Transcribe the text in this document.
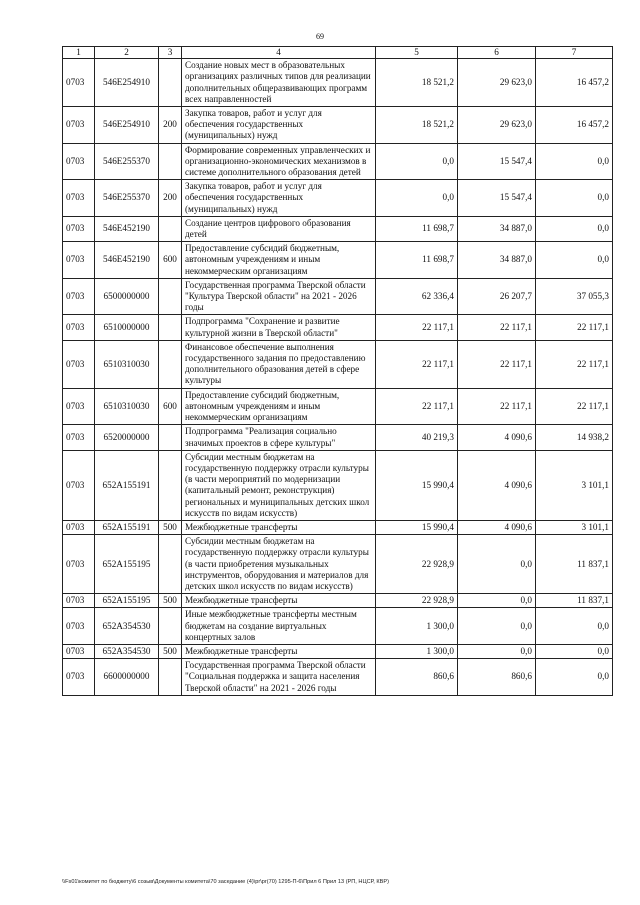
69
1	2	3	4	5	6	7
0703	546E254910		Создание новых мест в образовательных организациях различных типов для реализации дополнительных общеразвивающих программ всех направленностей	18 521,2	29 623,0	16 457,2
0703	546E254910	200	Закупка товаров, работ и услуг для обеспечения государственных (муниципальных) нужд	18 521,2	29 623,0	16 457,2
0703	546E255370		Формирование современных управленческих и организационно-экономических механизмов в системе дополнительного образования детей	0,0	15 547,4	0,0
0703	546E255370	200	Закупка товаров, работ и услуг для обеспечения государственных (муниципальных) нужд	0,0	15 547,4	0,0
0703	546E452190		Создание центров цифрового образования детей	11 698,7	34 887,0	0,0
0703	546E452190	600	Предоставление субсидий бюджетным, автономным учреждениям и иным некоммерческим организациям	11 698,7	34 887,0	0,0
0703	6500000000		Государственная программа Тверской области "Культура Тверской области" на 2021 - 2026 годы	62 336,4	26 207,7	37 055,3
0703	6510000000		Подпрограмма "Сохранение и развитие культурной жизни в Тверской области"	22 117,1	22 117,1	22 117,1
0703	6510310030		Финансовое обеспечение выполнения государственного задания по предоставлению дополнительного образования детей в сфере культуры	22 117,1	22 117,1	22 117,1
0703	6510310030	600	Предоставление субсидий бюджетным, автономным учреждениям и иным некоммерческим организациям	22 117,1	22 117,1	22 117,1
0703	6520000000		Подпрограмма "Реализация социально значимых проектов в сфере культуры"	40 219,3	4 090,6	14 938,2
0703	652A155191		Субсидии местным бюджетам на государственную поддержку отрасли культуры (в части мероприятий по модернизации (капитальный ремонт, реконструкция) региональных и муниципальных детских школ искусств по видам искусств)	15 990,4	4 090,6	3 101,1
0703	652A155191	500	Межбюджетные трансферты	15 990,4	4 090,6	3 101,1
0703	652A155195		Субсидии местным бюджетам на государственную поддержку отрасли культуры (в части приобретения музыкальных инструментов, оборудования и материалов для детских школ искусств по видам искусств)	22 928,9	0,0	11 837,1
0703	652A155195	500	Межбюджетные трансферты	22 928,9	0,0	11 837,1
0703	652A354530		Иные межбюджетные трансферты местным бюджетам на создание виртуальных концертных залов	1 300,0	0,0	0,0
0703	652A354530	500	Межбюджетные трансферты	1 300,0	0,0	0,0
0703	6600000000		Государственная программа Тверской области "Социальная поддержка и защита населения Тверской области" на 2021 - 2026 годы	860,6	860,6	0,0
\\Fs01\комитет по бюджету\6 созыв\Документы комитета\70 заседание (4)\pr\pr(70) 1295-П-6\Прил 6 Прил 13 (РП, НЦСР, КВР)
